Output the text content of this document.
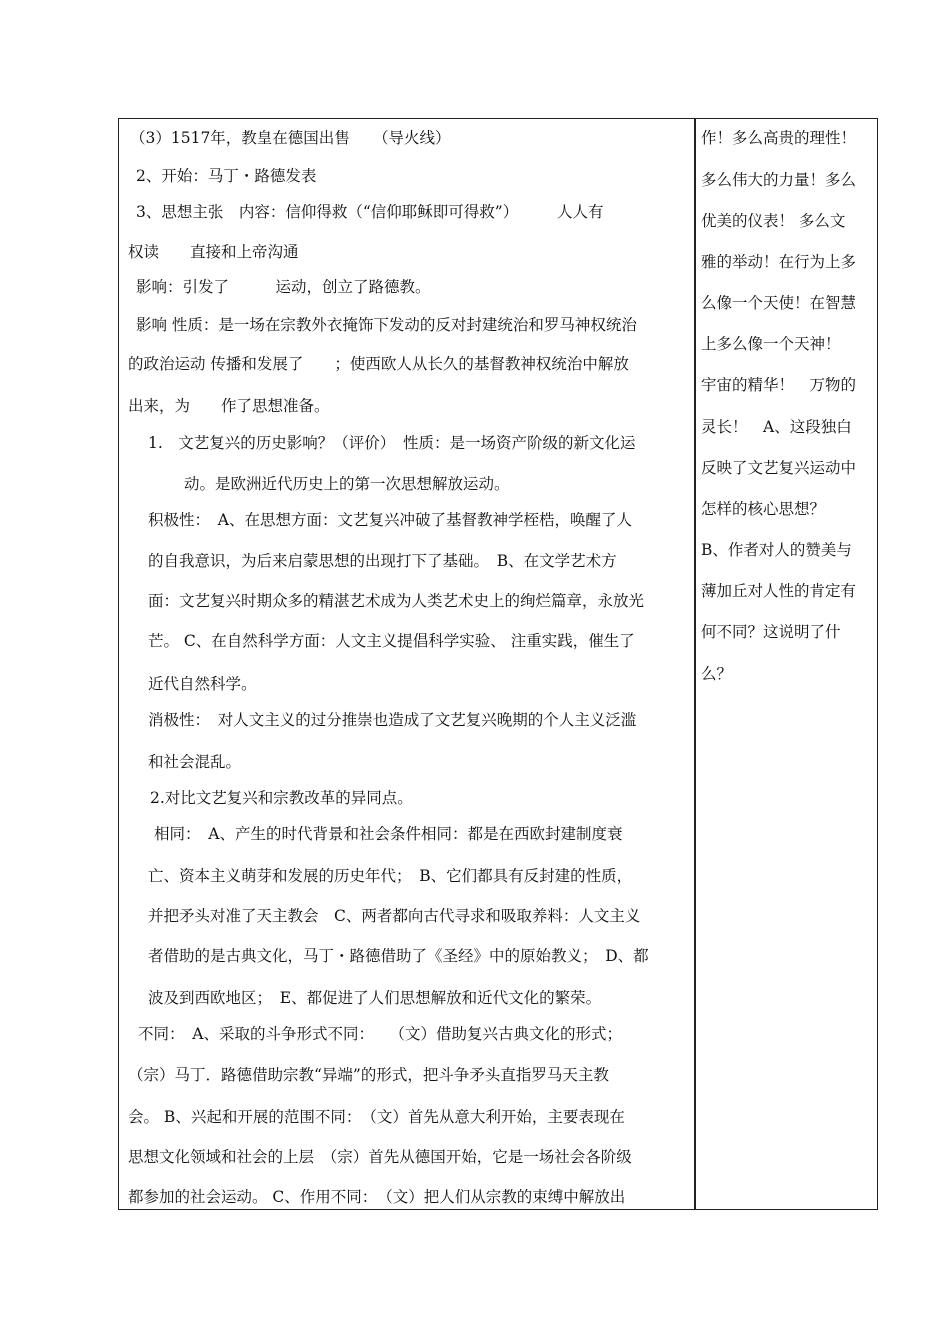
（3）1517年，教皇在德国出售　　（导火线）
2、开始：马丁・路德发表
3、思想主张　内容：信仰得救（“信仰耶稣即可得救”）　　　人人有
权读　　直接和上帝沟通
影响：引发了　　　运动，创立了路德教。
影响 性质：是一场在宗教外衣掩饰下发动的反对封建统治和罗马神权统治
的政治运动 传播和发展了　　；使西欧人从长久的基督教神权统治中解放
出来，为　　作了思想准备。
1.　文艺复兴的历史影响？（评价）　性质：是一场资产阶级的新文化运
动。是欧洲近代历史上的第一次思想解放运动。
积极性：　A、在思想方面：文艺复兴冲破了基督教神学桎梏，唤醒了人
的自我意识，为后来启蒙思想的出现打下了基础。　B、在文学艺术方
面：文艺复兴时期众多的精湛艺术成为人类艺术史上的绚烂篇章，永放光
芒。 C、在自然科学方面：人文主义提倡科学实验、 注重实践，催生了
近代自然科学。
消极性：　对人文主义的过分推崇也造成了文艺复兴晚期的个人主义泛滥
和社会混乱。
2.对比文艺复兴和宗教改革的异同点。
相同：　A、产生的时代背景和社会条件相同：都是在西欧封建制度衰
亡、资本主义萌芽和发展的历史年代；　B、它们都具有反封建的性质，
并把矛头对准了天主教会　C、两者都向古代寻求和吸取养料：人文主义
者借助的是古典文化，马丁・路德借助了《圣经》中的原始教义；　D、都
波及到西欧地区；　E、都促进了人们思想解放和近代文化的繁荣。
不同：　A、采取的斗争形式不同：　　（文）借助复兴古典文化的形式；
（宗）马丁．路德借助宗教“异端”的形式，把斗争矛头直指罗马天主教
会。 B、兴起和开展的范围不同：　（文）首先从意大利开始，主要表现在
思想文化领域和社会的上层　（宗）首先从德国开始，它是一场社会各阶级
都参加的社会运动。 C、作用不同：　（文）把人们从宗教的束缚中解放出
作！多么高贵的理性！
多么伟大的力量！多么
优美的仪表！ 多么文
雅的举动！在行为上多
么像一个天使！在智慧
上多么像一个天神！
宇宙的精华！　万物的
灵长！　A、这段独白
反映了文艺复兴运动中
怎样的核心思想？
B、作者对人的赞美与
薄加丘对人性的肯定有
何不同？这说明了什
么？
